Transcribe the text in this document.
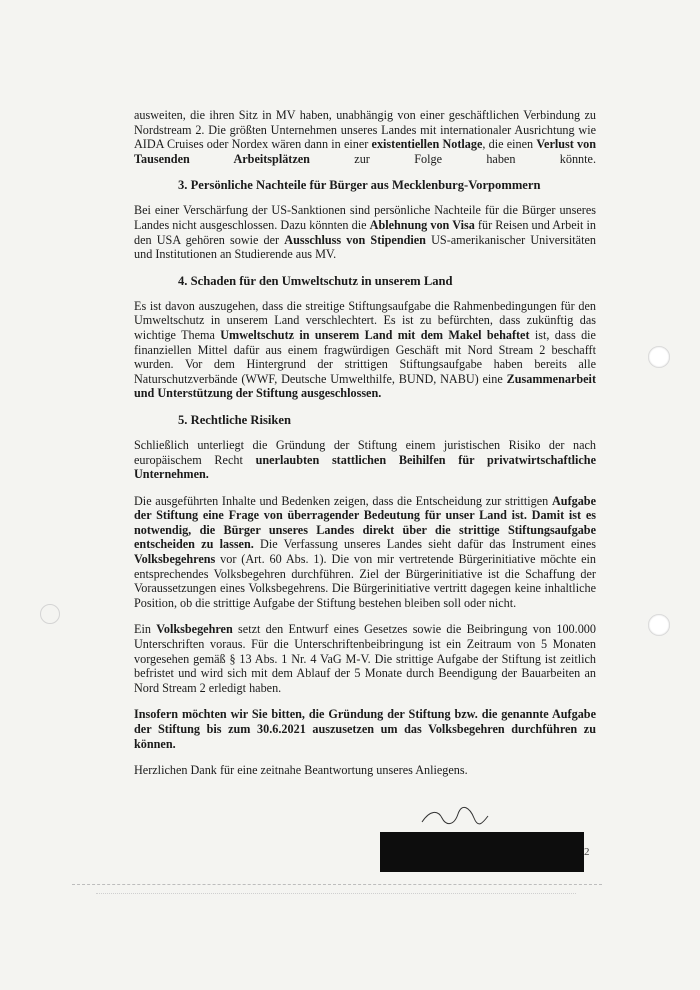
ausweiten, die ihren Sitz in MV haben, unabhängig von einer geschäftlichen Verbindung zu Nordstream 2. Die größten Unternehmen unseres Landes mit internationaler Ausrichtung wie AIDA Cruises oder Nordex wären dann in einer existentiellen Notlage, die einen Verlust von Tausenden Arbeitsplätzen zur Folge haben könnte.

3. Persönliche Nachteile für Bürger aus Mecklenburg-Vorpommern

Bei einer Verschärfung der US-Sanktionen sind persönliche Nachteile für die Bürger unseres Landes nicht ausgeschlossen. Dazu könnten die Ablehnung von Visa für Reisen und Arbeit in den USA gehören sowie der Ausschluss von Stipendien US-amerikanischer Universitäten und Institutionen an Studierende aus MV.

4. Schaden für den Umweltschutz in unserem Land

Es ist davon auszugehen, dass die streitige Stiftungsaufgabe die Rahmenbedingungen für den Umweltschutz in unserem Land verschlechtert. Es ist zu befürchten, dass zukünftig das wichtige Thema Umweltschutz in unserem Land mit dem Makel behaftet ist, dass die finanziellen Mittel dafür aus einem fragwürdigen Geschäft mit Nord Stream 2 beschafft wurden. Vor dem Hintergrund der strittigen Stiftungsaufgabe haben bereits alle Naturschutzverbände (WWF, Deutsche Umwelthilfe, BUND, NABU) eine Zusammenarbeit und Unterstützung der Stiftung ausgeschlossen.

5. Rechtliche Risiken

Schließlich unterliegt die Gründung der Stiftung einem juristischen Risiko der nach europäischem Recht unerlaubten stattlichen Beihilfen für privatwirtschaftliche Unternehmen.

Die ausgeführten Inhalte und Bedenken zeigen, dass die Entscheidung zur strittigen Aufgabe der Stiftung eine Frage von überragender Bedeutung für unser Land ist. Damit ist es notwendig, die Bürger unseres Landes direkt über die strittige Stiftungsaufgabe entscheiden zu lassen. Die Verfassung unseres Landes sieht dafür das Instrument eines Volksbegehrens vor (Art. 60 Abs. 1). Die von mir vertretende Bürgerinitiative möchte ein entsprechendes Volksbegehren durchführen. Ziel der Bürgerinitiative ist die Schaffung der Voraussetzungen eines Volksbegehrens. Die Bürgerinitiative vertritt dagegen keine inhaltliche Position, ob die strittige Aufgabe der Stiftung bestehen bleiben soll oder nicht.

Ein Volksbegehren setzt den Entwurf eines Gesetzes sowie die Beibringung von 100.000 Unterschriften voraus. Für die Unterschriftenbeibringung ist ein Zeitraum von 5 Monaten vorgesehen gemäß § 13 Abs. 1 Nr. 4 VaG M-V. Die strittige Aufgabe der Stiftung ist zeitlich befristet und wird sich mit dem Ablauf der 5 Monate durch Beendigung der Bauarbeiten an Nord Stream 2 erledigt haben.

Insofern möchten wir Sie bitten, die Gründung der Stiftung bzw. die genannte Aufgabe der Stiftung bis zum 30.6.2021 auszusetzen um das Volksbegehren durchführen zu können.

Herzlichen Dank für eine zeitnahe Beantwortung unseres Anliegens.

2
